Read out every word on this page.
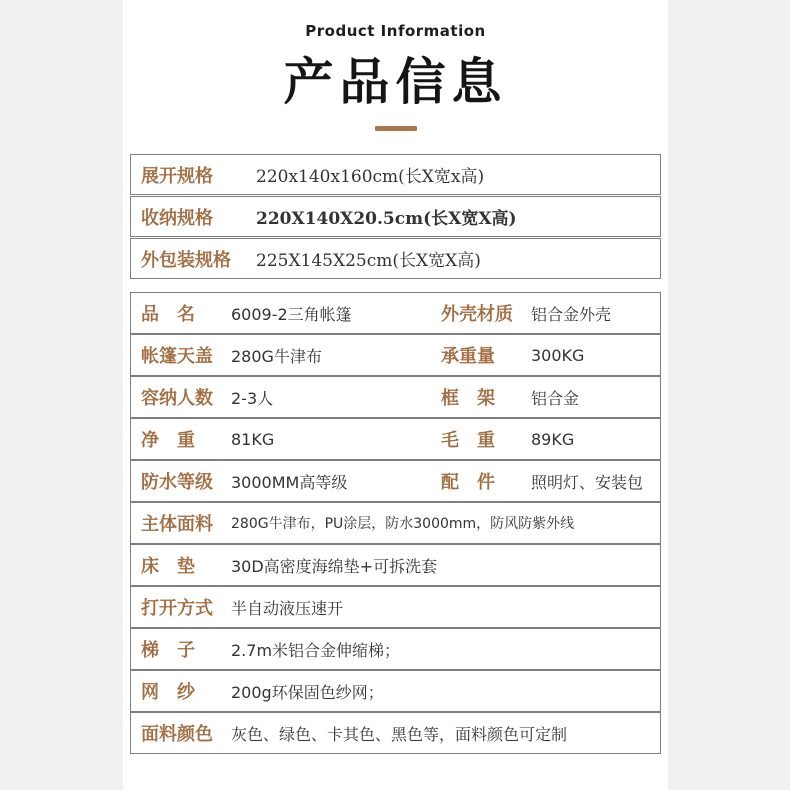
Product Information
产品信息
展开规格	220x140x160cm(长X宽x高)
收纳规格	220X140X20.5cm(长X宽X高)
外包装规格	225X145X25cm(长X宽X高)
品　名	6009-2三角帐篷	外壳材质	铝合金外壳
帐篷天盖	280G牛津布	承重量	300KG
容纳人数	2-3人	框　架	铝合金
净　重	81KG	毛　重	89KG
防水等级	3000MM高等级	配　件	照明灯、安装包
主体面料	280G牛津布，PU涂层，防水3000mm，防风防紫外线
床　垫	30D高密度海绵垫+可拆洗套
打开方式	半自动液压速开
梯　子	2.7m米铝合金伸缩梯；
网　纱	200g环保固色纱网；
面料颜色	灰色、绿色、卡其色、黑色等，面料颜色可定制
